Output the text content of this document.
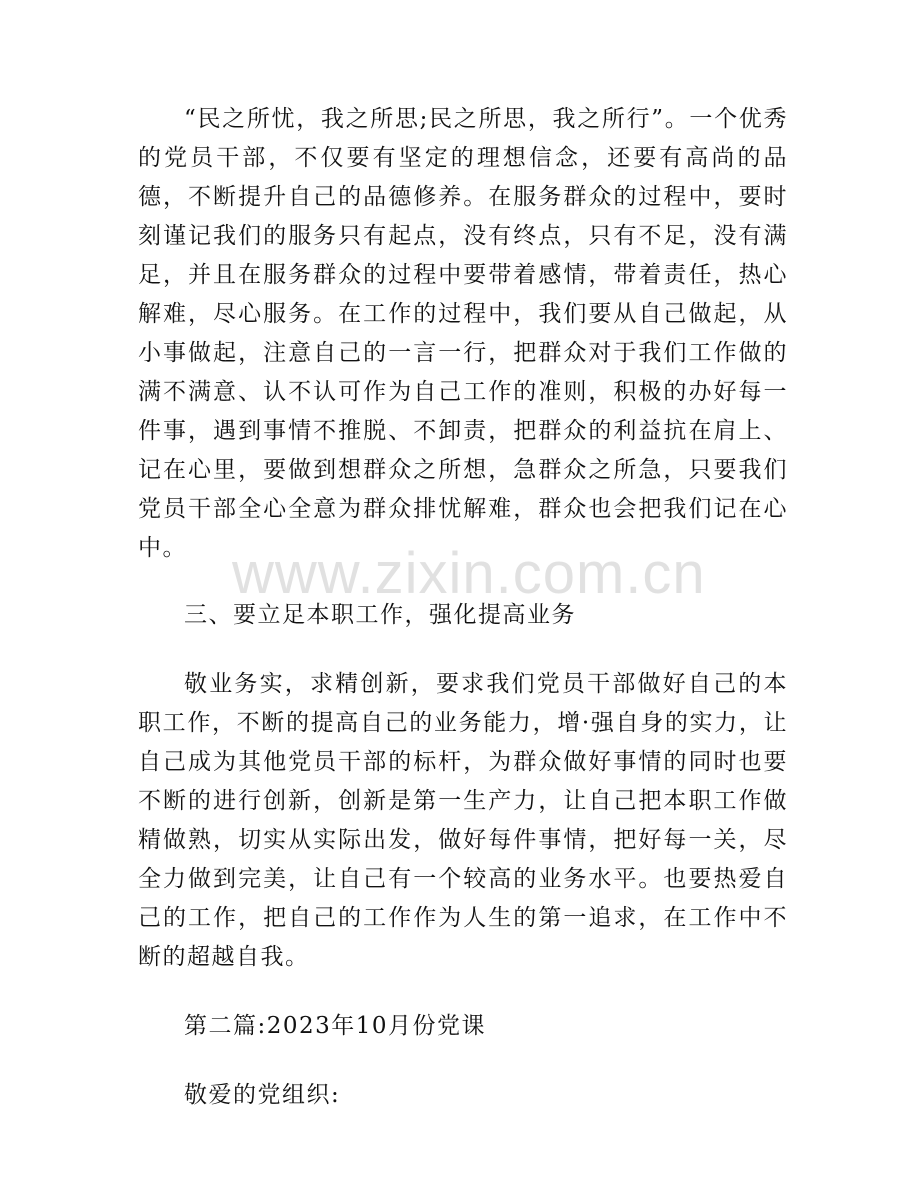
“民之所忧，我之所思;民之所思，我之所行”。一个优秀的党员干部，不仅要有坚定的理想信念，还要有高尚的品德，不断提升自己的品德修养。在服务群众的过程中，要时刻谨记我们的服务只有起点，没有终点，只有不足，没有满足，并且在服务群众的过程中要带着感情，带着责任，热心解难，尽心服务。在工作的过程中，我们要从自己做起，从小事做起，注意自己的一言一行，把群众对于我们工作做的满不满意、认不认可作为自己工作的准则，积极的办好每一件事，遇到事情不推脱、不卸责，把群众的利益抗在肩上、记在心里，要做到想群众之所想，急群众之所急，只要我们党员干部全心全意为群众排忧解难，群众也会把我们记在心中。

三、要立足本职工作，强化提高业务

敬业务实，求精创新，要求我们党员干部做好自己的本职工作，不断的提高自己的业务能力，增·强自身的实力，让自己成为其他党员干部的标杆，为群众做好事情的同时也要不断的进行创新，创新是第一生产力，让自己把本职工作做精做熟，切实从实际出发，做好每件事情，把好每一关，尽全力做到完美，让自己有一个较高的业务水平。也要热爱自己的工作，把自己的工作作为人生的第一追求，在工作中不断的超越自我。

第二篇:2023年10月份党课

敬爱的党组织:

www.zixin.com.cn
